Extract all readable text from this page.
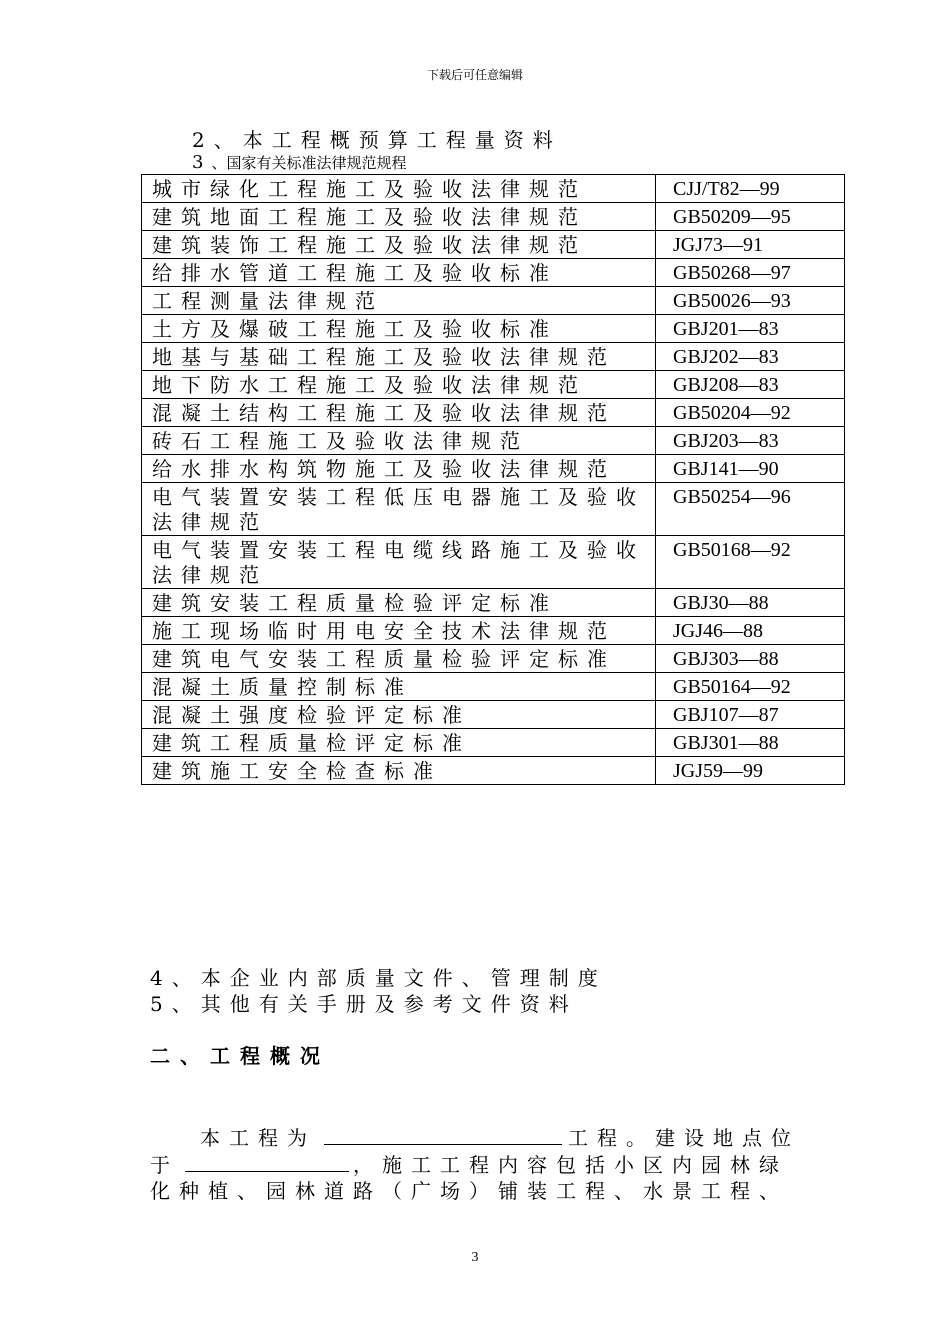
下载后可任意编辑
2、本工程概预算工程量资料
3 、国家有关标准法律规范规程
城市绿化工程施工及验收法律规范	CJJ/T82—99
建筑地面工程施工及验收法律规范	GB50209—95
建筑装饰工程施工及验收法律规范	JGJ73—91
给排水管道工程施工及验收标准	GB50268—97
工程测量法律规范	GB50026—93
土方及爆破工程施工及验收标准	GBJ201—83
地基与基础工程施工及验收法律规范	GBJ202—83
地下防水工程施工及验收法律规范	GBJ208—83
混凝土结构工程施工及验收法律规范	GB50204—92
砖石工程施工及验收法律规范	GBJ203—83
给水排水构筑物施工及验收法律规范	GBJ141—90
电气装置安装工程低压电器施工及验收法律规范	GB50254—96
电气装置安装工程电缆线路施工及验收法律规范	GB50168—92
建筑安装工程质量检验评定标准	GBJ30—88
施工现场临时用电安全技术法律规范	JGJ46—88
建筑电气安装工程质量检验评定标准	GBJ303—88
混凝土质量控制标准	GB50164—92
混凝土强度检验评定标准	GBJ107—87
建筑工程质量检评定标准	GBJ301—88
建筑施工安全检查标准	JGJ59—99
4、本企业内部质量文件、管理制度
5、其他有关手册及参考文件资料
二、工程概况

本工程为	工程。建设地点位

于	，施工工程内容包括小区内园林绿

化种植、园林道路（广场）铺装工程、水景工程、

3
